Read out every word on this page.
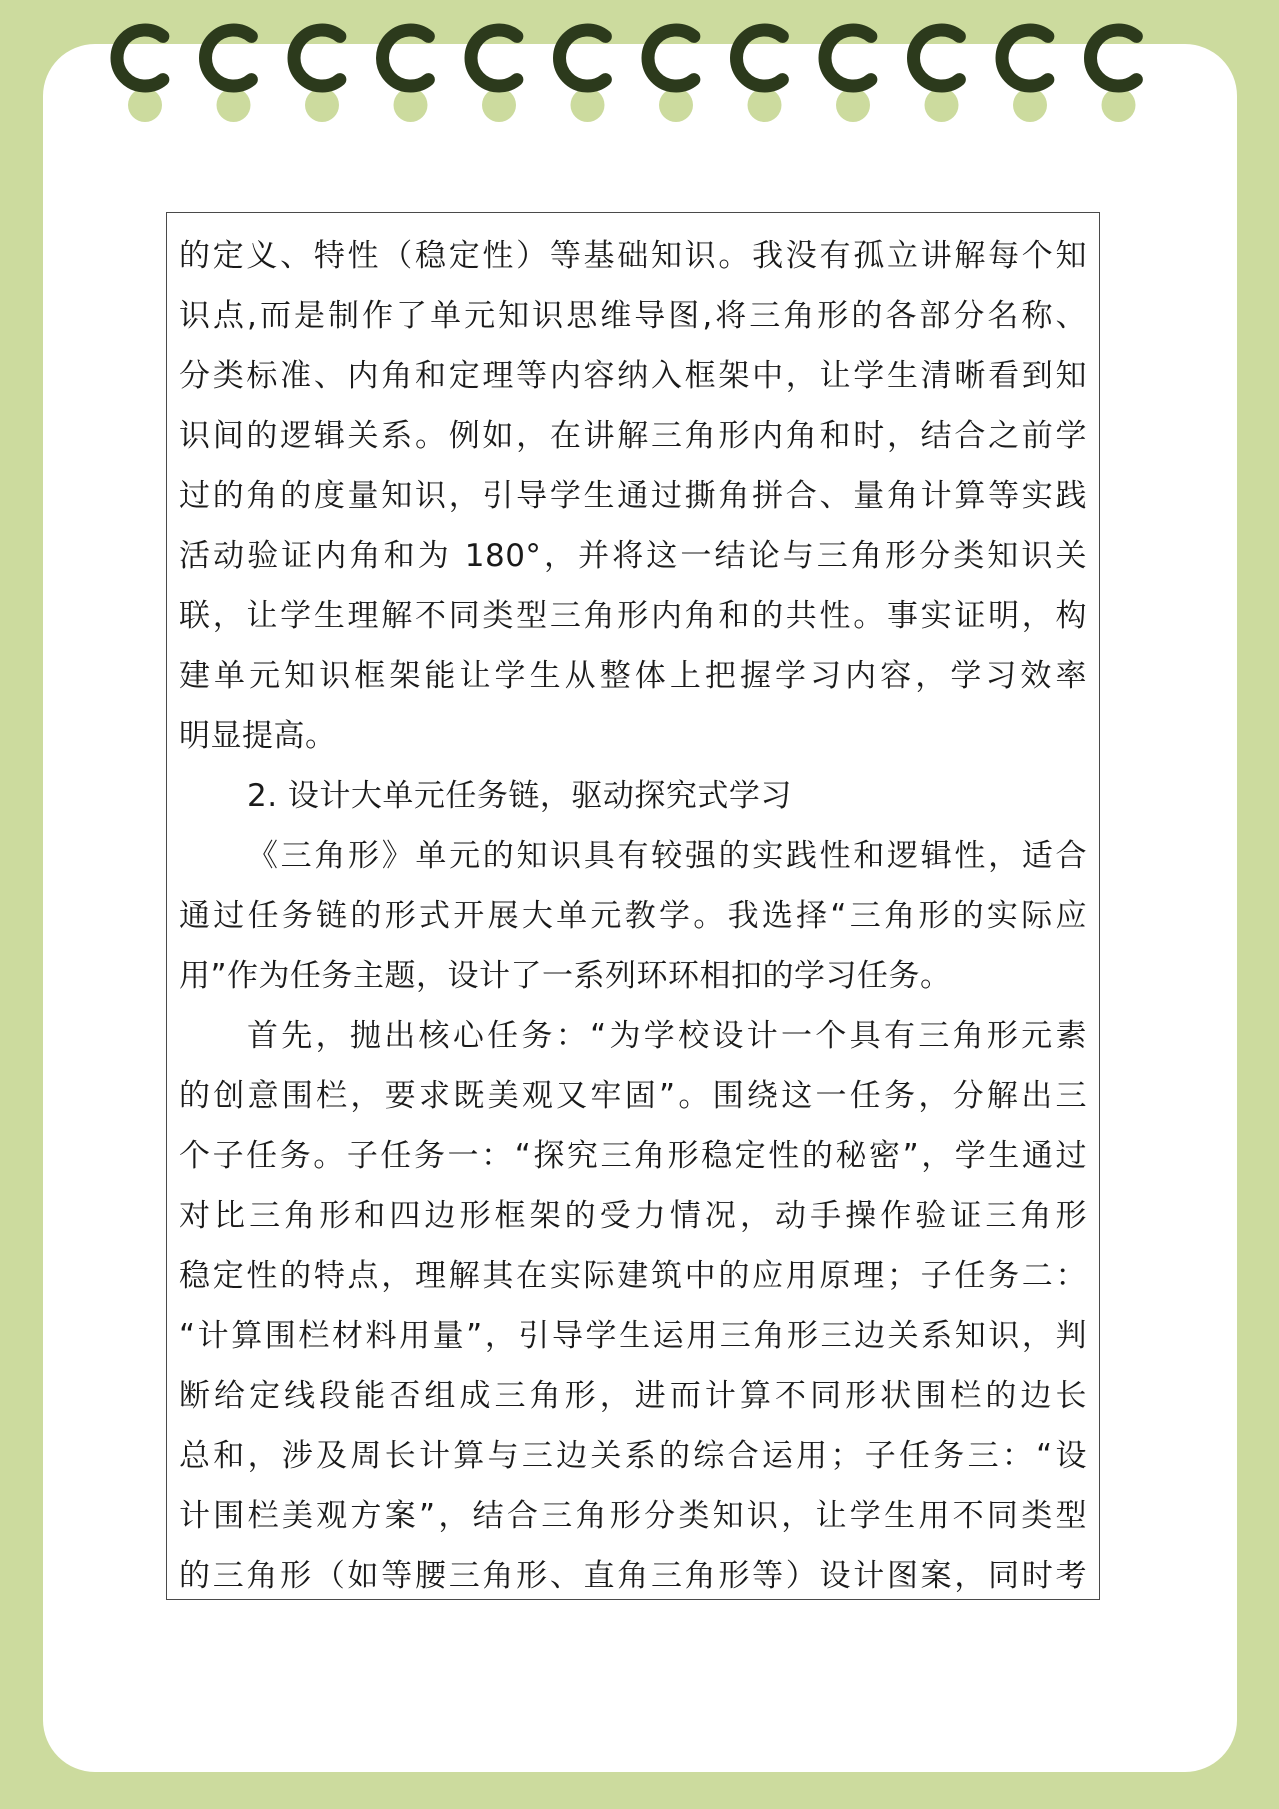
的定义、特性（稳定性）等基础知识。我没有孤立讲解每个知
识点,而是制作了单元知识思维导图,将三角形的各部分名称、
分类标准、内角和定理等内容纳入框架中，让学生清晰看到知
识间的逻辑关系。例如，在讲解三角形内角和时，结合之前学
过的角的度量知识，引导学生通过撕角拼合、量角计算等实践
活动验证内角和为 180°，并将这一结论与三角形分类知识关
联，让学生理解不同类型三角形内角和的共性。事实证明，构
建单元知识框架能让学生从整体上把握学习内容，学习效率
明显提高。
2. 设计大单元任务链，驱动探究式学习
《三角形》单元的知识具有较强的实践性和逻辑性，适合
通过任务链的形式开展大单元教学。我选择“三角形的实际应
用”作为任务主题，设计了一系列环环相扣的学习任务。
首先，抛出核心任务：“为学校设计一个具有三角形元素
的创意围栏，要求既美观又牢固”。围绕这一任务，分解出三
个子任务。子任务一：“探究三角形稳定性的秘密”，学生通过
对比三角形和四边形框架的受力情况，动手操作验证三角形
稳定性的特点，理解其在实际建筑中的应用原理；子任务二：
“计算围栏材料用量”，引导学生运用三角形三边关系知识，判
断给定线段能否组成三角形，进而计算不同形状围栏的边长
总和，涉及周长计算与三边关系的综合运用；子任务三：“设
计围栏美观方案”，结合三角形分类知识，让学生用不同类型
的三角形（如等腰三角形、直角三角形等）设计图案，同时考
